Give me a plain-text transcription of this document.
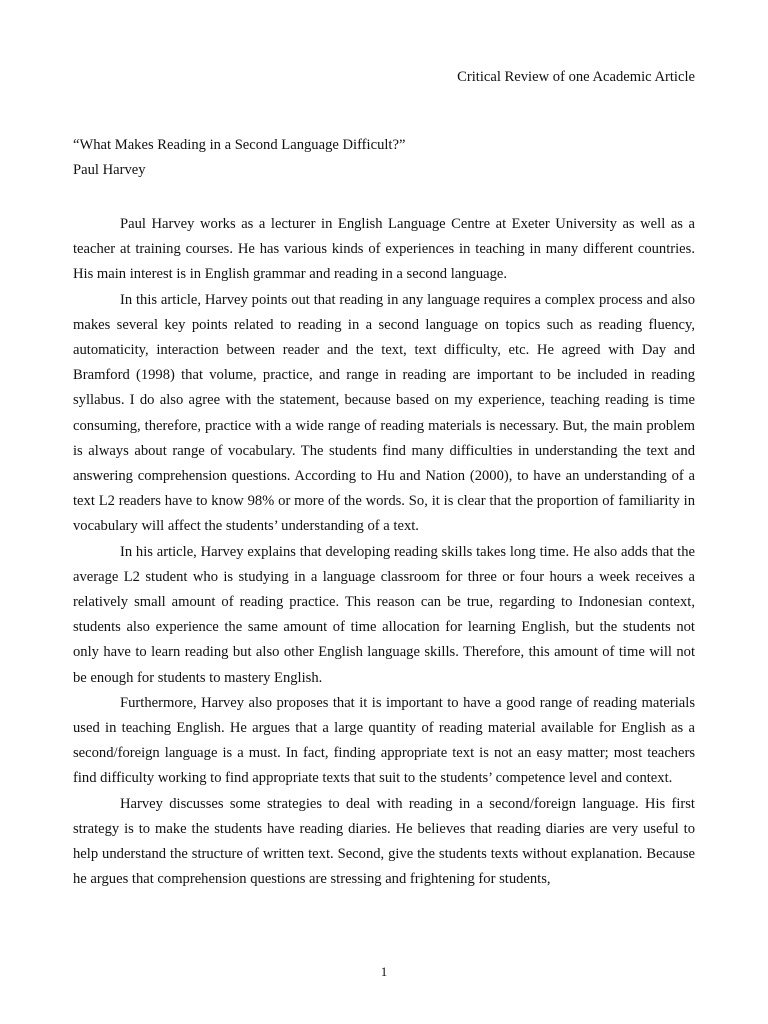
Critical Review of one Academic Article
“What Makes Reading in a Second Language Difficult?”
Paul Harvey

Paul Harvey works as a lecturer in English Language Centre at Exeter University as well as a teacher at training courses. He has various kinds of experiences in teaching in many different countries. His main interest is in English grammar and reading in a second language.

In this article, Harvey points out that reading in any language requires a complex process and also makes several key points related to reading in a second language on topics such as reading fluency, automaticity, interaction between reader and the text, text difficulty, etc. He agreed with Day and Bramford (1998) that volume, practice, and range in reading are important to be included in reading syllabus. I do also agree with the statement, because based on my experience, teaching reading is time consuming, therefore, practice with a wide range of reading materials is necessary. But, the main problem is always about range of vocabulary. The students find many difficulties in understanding the text and answering comprehension questions. According to Hu and Nation (2000), to have an understanding of a text L2 readers have to know 98% or more of the words. So, it is clear that the proportion of familiarity in vocabulary will affect the students’ understanding of a text.

In his article, Harvey explains that developing reading skills takes long time. He also adds that the average L2 student who is studying in a language classroom for three or four hours a week receives a relatively small amount of reading practice. This reason can be true, regarding to Indonesian context, students also experience the same amount of time allocation for learning English, but the students not only have to learn reading but also other English language skills. Therefore, this amount of time will not be enough for students to mastery English.

Furthermore, Harvey also proposes that it is important to have a good range of reading materials used in teaching English. He argues that a large quantity of reading material available for English as a second/foreign language is a must. In fact, finding appropriate text is not an easy matter; most teachers find difficulty working to find appropriate texts that suit to the students’ competence level and context.

Harvey discusses some strategies to deal with reading in a second/foreign language. His first strategy is to make the students have reading diaries. He believes that reading diaries are very useful to help understand the structure of written text. Second, give the students texts without explanation. Because he argues that comprehension questions are stressing and frightening for students,

1
